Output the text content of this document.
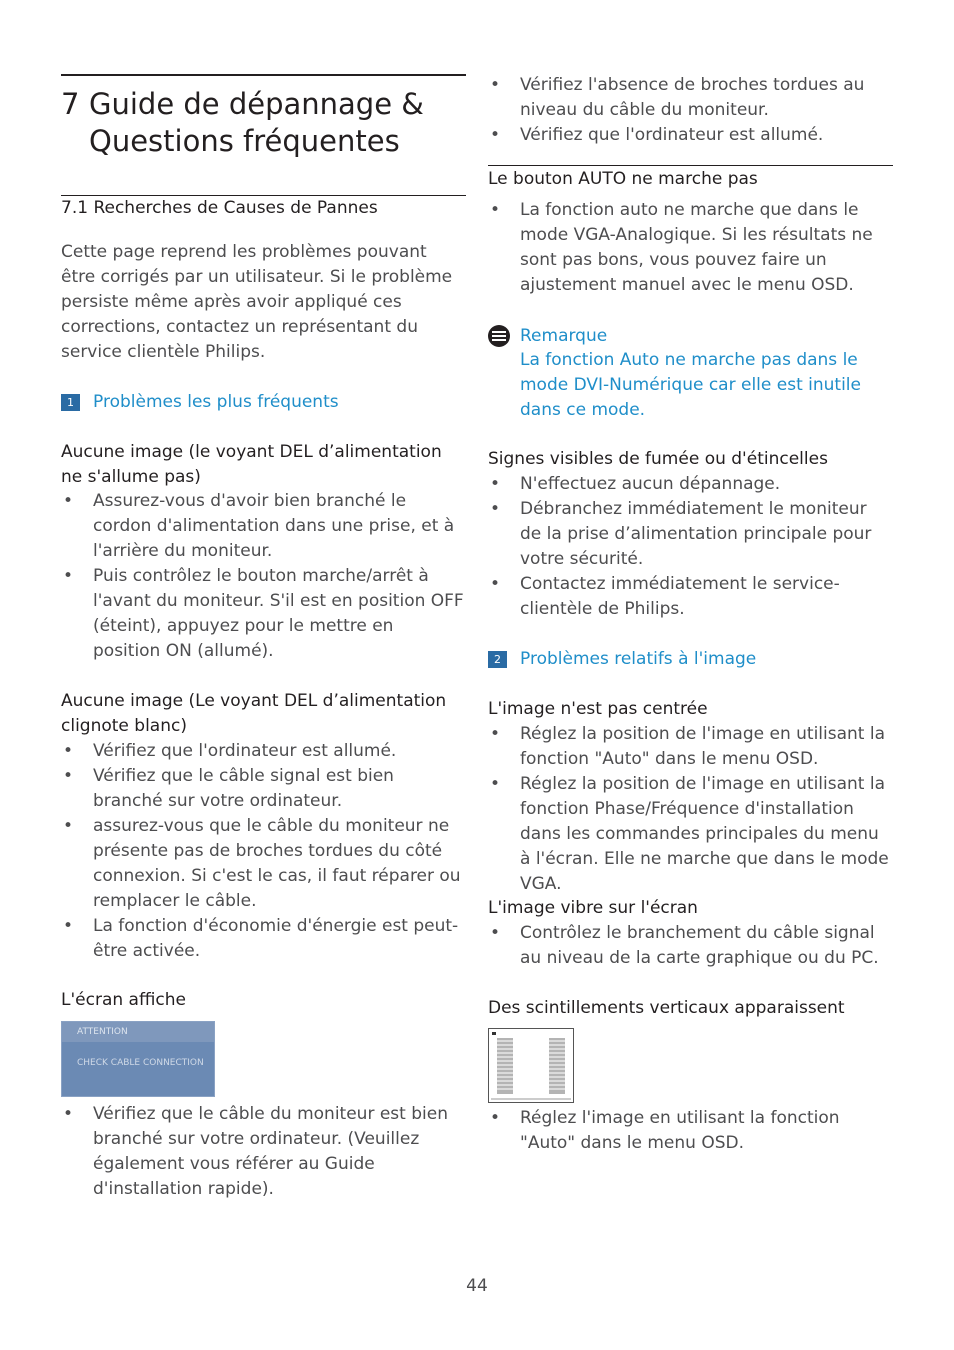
7 Guide de dépannage & Questions fréquentes
7.1 Recherches de Causes de Pannes
Cette page reprend les problèmes pouvant être corrigés par un utilisateur. Si le problème persiste même après avoir appliqué ces corrections, contactez un représentant du service clientèle Philips.
1	Problèmes les plus fréquents
Aucune image (le voyant DEL d’alimentation ne s'allume pas)
• Assurez-vous d'avoir bien branché le cordon d'alimentation dans une prise, et à l'arrière du moniteur.
• Puis contrôlez le bouton marche/arrêt à l'avant du moniteur. S'il est en position OFF (éteint), appuyez pour le mettre en position ON (allumé).
Aucune image (Le voyant DEL d’alimentation clignote blanc)
• Vérifiez que l'ordinateur est allumé.
• Vérifiez que le câble signal est bien branché sur votre ordinateur.
• assurez-vous que le câble du moniteur ne présente pas de broches tordues du côté connexion. Si c'est le cas, il faut réparer ou remplacer le câble.
• La fonction d'économie d'énergie est peut-être activée.
L'écran affiche
ATTENTION
CHECK CABLE CONNECTION
• Vérifiez que le câble du moniteur est bien branché sur votre ordinateur. (Veuillez également vous référer au Guide d'installation rapide).
• Vérifiez l'absence de broches tordues au niveau du câble du moniteur.
• Vérifiez que l'ordinateur est allumé.
Le bouton AUTO ne marche pas
• La fonction auto ne marche que dans le mode VGA-Analogique. Si les résultats ne sont pas bons, vous pouvez faire un ajustement manuel avec le menu OSD.
Remarque
La fonction Auto ne marche pas dans le mode DVI-Numérique car elle est inutile dans ce mode.
Signes visibles de fumée ou d'étincelles
• N'effectuez aucun dépannage.
• Débranchez immédiatement le moniteur de la prise d’alimentation principale pour votre sécurité.
• Contactez immédiatement le service-clientèle de Philips.
2	Problèmes relatifs à l'image
L'image n'est pas centrée
• Réglez la position de l'image en utilisant la fonction "Auto" dans le menu OSD.
• Réglez la position de l'image en utilisant la fonction Phase/Fréquence d'installation dans les commandes principales du menu à l'écran. Elle ne marche que dans le mode VGA.
L'image vibre sur l'écran
• Contrôlez le branchement du câble signal au niveau de la carte graphique ou du PC.
Des scintillements verticaux apparaissent
• Réglez l'image en utilisant la fonction "Auto" dans le menu OSD.
44
